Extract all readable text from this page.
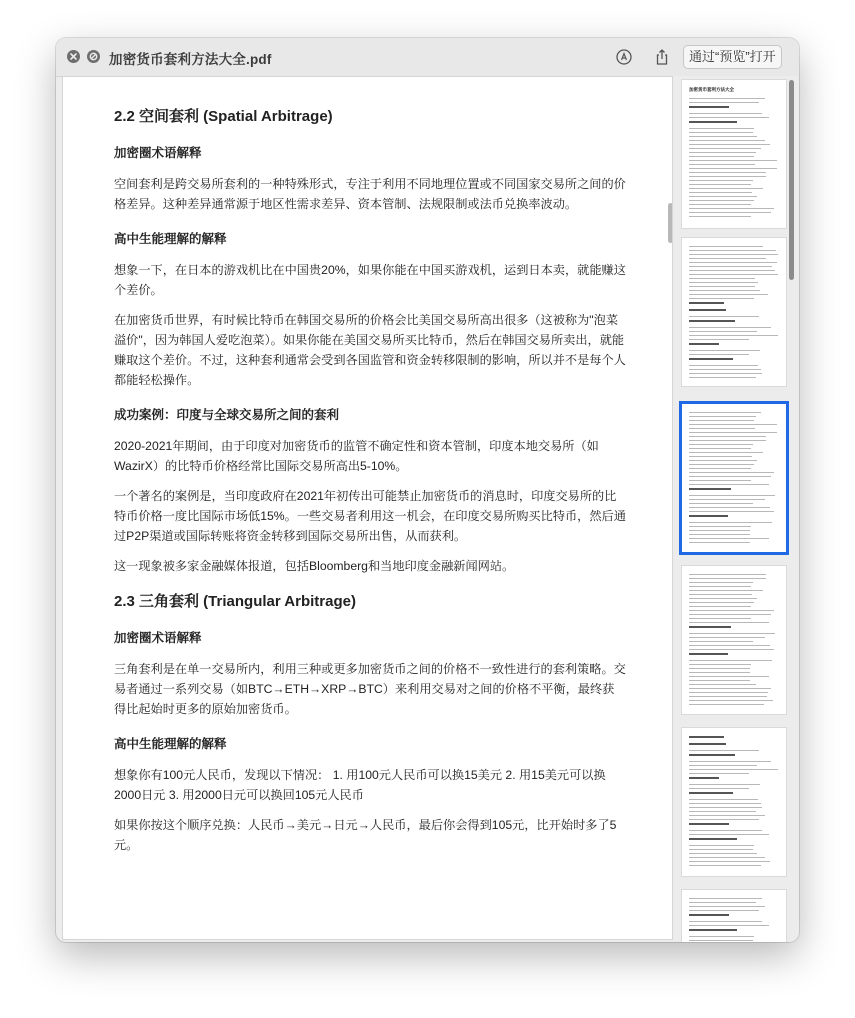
加密货币套利方法大全.pdf	通过“预览”打开
2.2 空间套利 (Spatial Arbitrage)
加密圈术语解释

空间套利是跨交易所套利的一种特殊形式，专注于利用不同地理位置或不同国家交易所之间的价格差异。这种差异通常源于地区性需求差异、资本管制、法规限制或法币兑换率波动。

高中生能理解的解释

想象一下，在日本的游戏机比在中国贵20%，如果你能在中国买游戏机，运到日本卖，就能赚这个差价。

在加密货币世界，有时候比特币在韩国交易所的价格会比美国交易所高出很多（这被称为"泡菜溢价"，因为韩国人爱吃泡菜）。如果你能在美国交易所买比特币，然后在韩国交易所卖出，就能赚取这个差价。不过，这种套利通常会受到各国监管和资金转移限制的影响，所以并不是每个人都能轻松操作。

成功案例：印度与全球交易所之间的套利

2020-2021年期间，由于印度对加密货币的监管不确定性和资本管制，印度本地交易所（如WazirX）的比特币价格经常比国际交易所高出5-10%。

一个著名的案例是，当印度政府在2021年初传出可能禁止加密货币的消息时，印度交易所的比特币价格一度比国际市场低15%。一些交易者利用这一机会，在印度交易所购买比特币，然后通过P2P渠道或国际转账将资金转移到国际交易所出售，从而获利。

这一现象被多家金融媒体报道，包括Bloomberg和当地印度金融新闻网站。

2.3 三角套利 (Triangular Arbitrage)
加密圈术语解释

三角套利是在单一交易所内，利用三种或更多加密货币之间的价格不一致性进行的套利策略。交易者通过一系列交易（如BTC→ETH→XRP→BTC）来利用交易对之间的价格不平衡，最终获得比起始时更多的原始加密货币。

高中生能理解的解释

想象你有100元人民币，发现以下情况： 1. 用100元人民币可以换15美元 2. 用15美元可以换2000日元 3. 用2000日元可以换回105元人民币

如果你按这个顺序兑换：人民币→美元→日元→人民币，最后你会得到105元，比开始时多了5元。

加密货币套利方法大全
